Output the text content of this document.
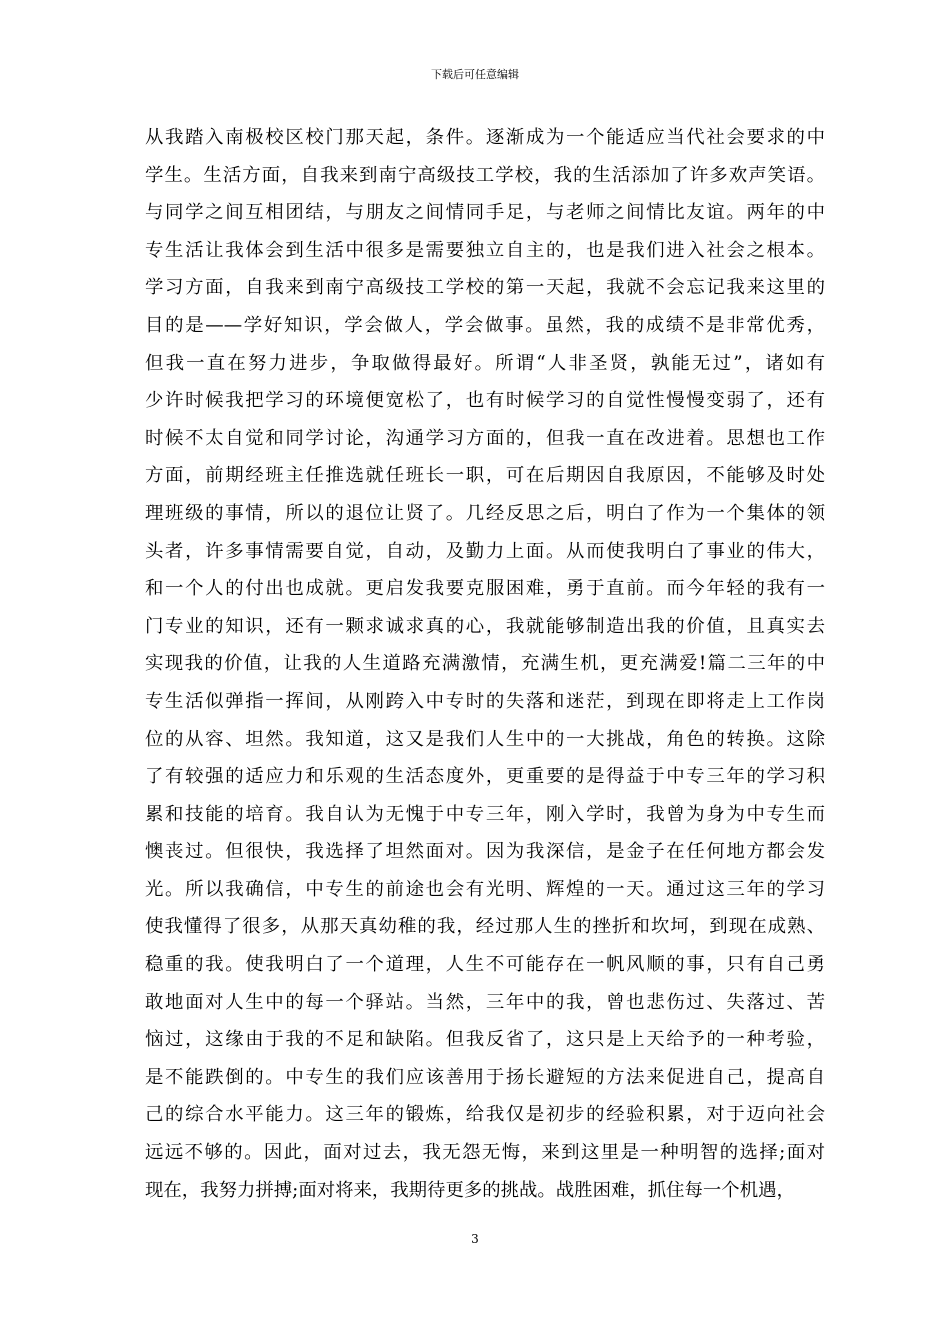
下载后可任意编辑
从我踏入南极校区校门那天起，条件。逐渐成为一个能适应当代社会要求的中
学生。生活方面，自我来到南宁高级技工学校，我的生活添加了许多欢声笑语。
与同学之间互相团结，与朋友之间情同手足，与老师之间情比友谊。两年的中
专生活让我体会到生活中很多是需要独立自主的，也是我们进入社会之根本。
学习方面，自我来到南宁高级技工学校的第一天起，我就不会忘记我来这里的
目的是——学好知识，学会做人，学会做事。虽然，我的成绩不是非常优秀，
但我一直在努力进步，争取做得最好。所谓“人非圣贤，孰能无过”，诸如有
少许时候我把学习的环境便宽松了，也有时候学习的自觉性慢慢变弱了，还有
时候不太自觉和同学讨论，沟通学习方面的，但我一直在改进着。思想也工作
方面，前期经班主任推选就任班长一职，可在后期因自我原因，不能够及时处
理班级的事情，所以的退位让贤了。几经反思之后，明白了作为一个集体的领
头者，许多事情需要自觉，自动，及勤力上面。从而使我明白了事业的伟大，
和一个人的付出也成就。更启发我要克服困难，勇于直前。而今年轻的我有一
门专业的知识，还有一颗求诚求真的心，我就能够制造出我的价值，且真实去
实现我的价值，让我的人生道路充满激情，充满生机，更充满爱!篇二三年的中
专生活似弹指一挥间，从刚跨入中专时的失落和迷茫，到现在即将走上工作岗
位的从容、坦然。我知道，这又是我们人生中的一大挑战，角色的转换。这除
了有较强的适应力和乐观的生活态度外，更重要的是得益于中专三年的学习积
累和技能的培育。我自认为无愧于中专三年，刚入学时，我曾为身为中专生而
懊丧过。但很快，我选择了坦然面对。因为我深信，是金子在任何地方都会发
光。所以我确信，中专生的前途也会有光明、辉煌的一天。通过这三年的学习
使我懂得了很多，从那天真幼稚的我，经过那人生的挫折和坎坷，到现在成熟、
稳重的我。使我明白了一个道理，人生不可能存在一帆风顺的事，只有自己勇
敢地面对人生中的每一个驿站。当然，三年中的我，曾也悲伤过、失落过、苦
恼过，这缘由于我的不足和缺陷。但我反省了，这只是上天给予的一种考验，
是不能跌倒的。中专生的我们应该善用于扬长避短的方法来促进自己，提高自
己的综合水平能力。这三年的锻炼，给我仅是初步的经验积累，对于迈向社会
远远不够的。因此，面对过去，我无怨无悔，来到这里是一种明智的选择;面对
现在，我努力拼搏;面对将来，我期待更多的挑战。战胜困难，抓住每一个机遇，
3
